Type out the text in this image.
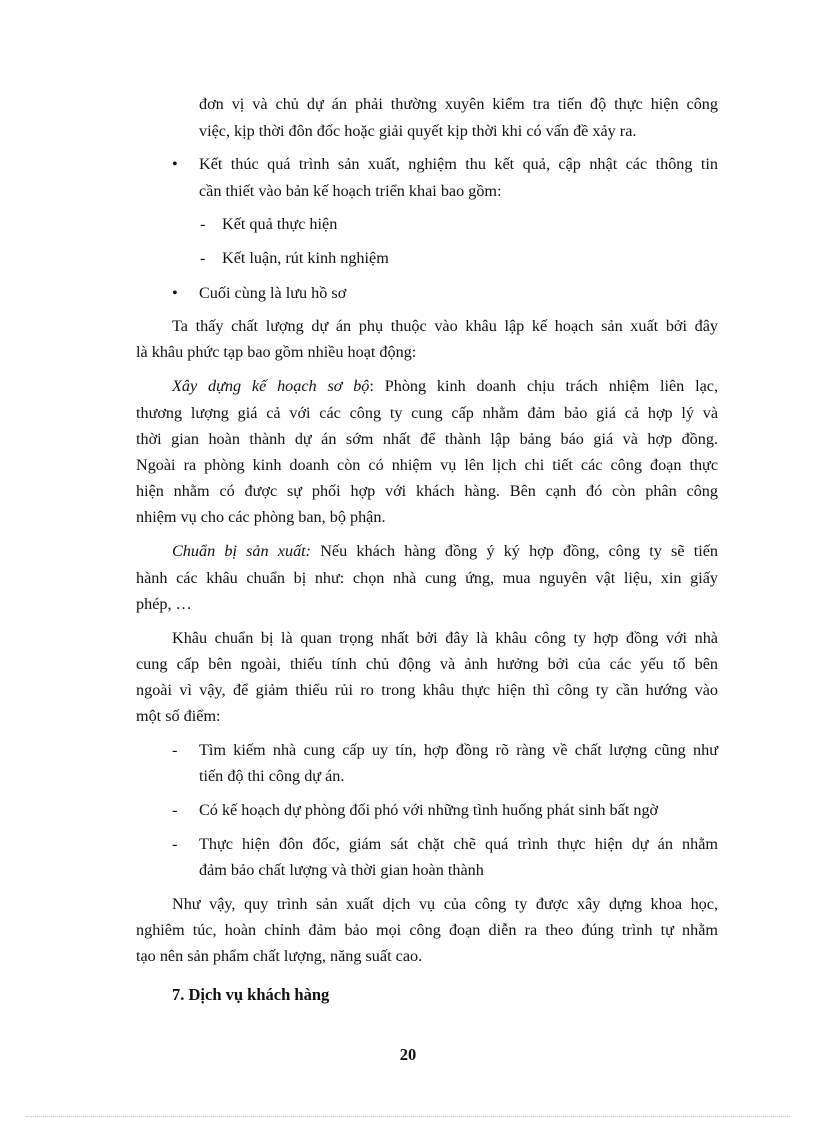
đơn vị và chủ dự án phải thường xuyên kiểm tra tiến độ thực hiện công
việc, kịp thời đôn đốc hoặc giải quyết kịp thời khi có vấn đề xảy ra.
• Kết thúc quá trình sản xuất, nghiệm thu kết quả, cập nhật các thông tin
cần thiết vào bản kế hoạch triển khai bao gồm:
- Kết quả thực hiện
- Kết luận, rút kinh nghiệm
• Cuối cùng là lưu hồ sơ
Ta thấy chất lượng dự án phụ thuộc vào khâu lập kế hoạch sản xuất bởi đây
là khâu phức tạp bao gồm nhiều hoạt động:
Xây dựng kế hoạch sơ bộ: Phòng kinh doanh chịu trách nhiệm liên lạc,
thương lượng giá cả với các công ty cung cấp nhằm đảm bảo giá cả hợp lý và
thời gian hoàn thành dự án sớm nhất để thành lập bảng báo giá và hợp đồng.
Ngoài ra phòng kinh doanh còn có nhiệm vụ lên lịch chi tiết các công đoạn thực
hiện nhằm có được sự phối hợp với khách hàng. Bên cạnh đó còn phân công
nhiệm vụ cho các phòng ban, bộ phận.
Chuẩn bị sản xuất: Nếu khách hàng đồng ý ký hợp đồng, công ty sẽ tiến
hành các khâu chuẩn bị như: chọn nhà cung ứng, mua nguyên vật liệu, xin giấy
phép, …
Khâu chuẩn bị là quan trọng nhất bởi đây là khâu công ty hợp đồng với nhà
cung cấp bên ngoài, thiếu tính chủ động và ảnh hưởng bởi của các yếu tố bên
ngoài vì vậy, để giảm thiểu rủi ro trong khâu thực hiện thì công ty cần hướng vào
một số điểm:
- Tìm kiếm nhà cung cấp uy tín, hợp đồng rõ ràng về chất lượng cũng như
tiến độ thi công dự án.
- Có kế hoạch dự phòng đối phó với những tình huống phát sinh bất ngờ
- Thực hiện đôn đốc, giám sát chặt chẽ quá trình thực hiện dự án nhằm
đảm bảo chất lượng và thời gian hoàn thành
Như vậy, quy trình sản xuất dịch vụ của công ty được xây dựng khoa học,
nghiêm túc, hoàn chỉnh đảm bảo mọi công đoạn diễn ra theo đúng trình tự nhằm
tạo nên sản phẩm chất lượng, năng suất cao.
7. Dịch vụ khách hàng
20
